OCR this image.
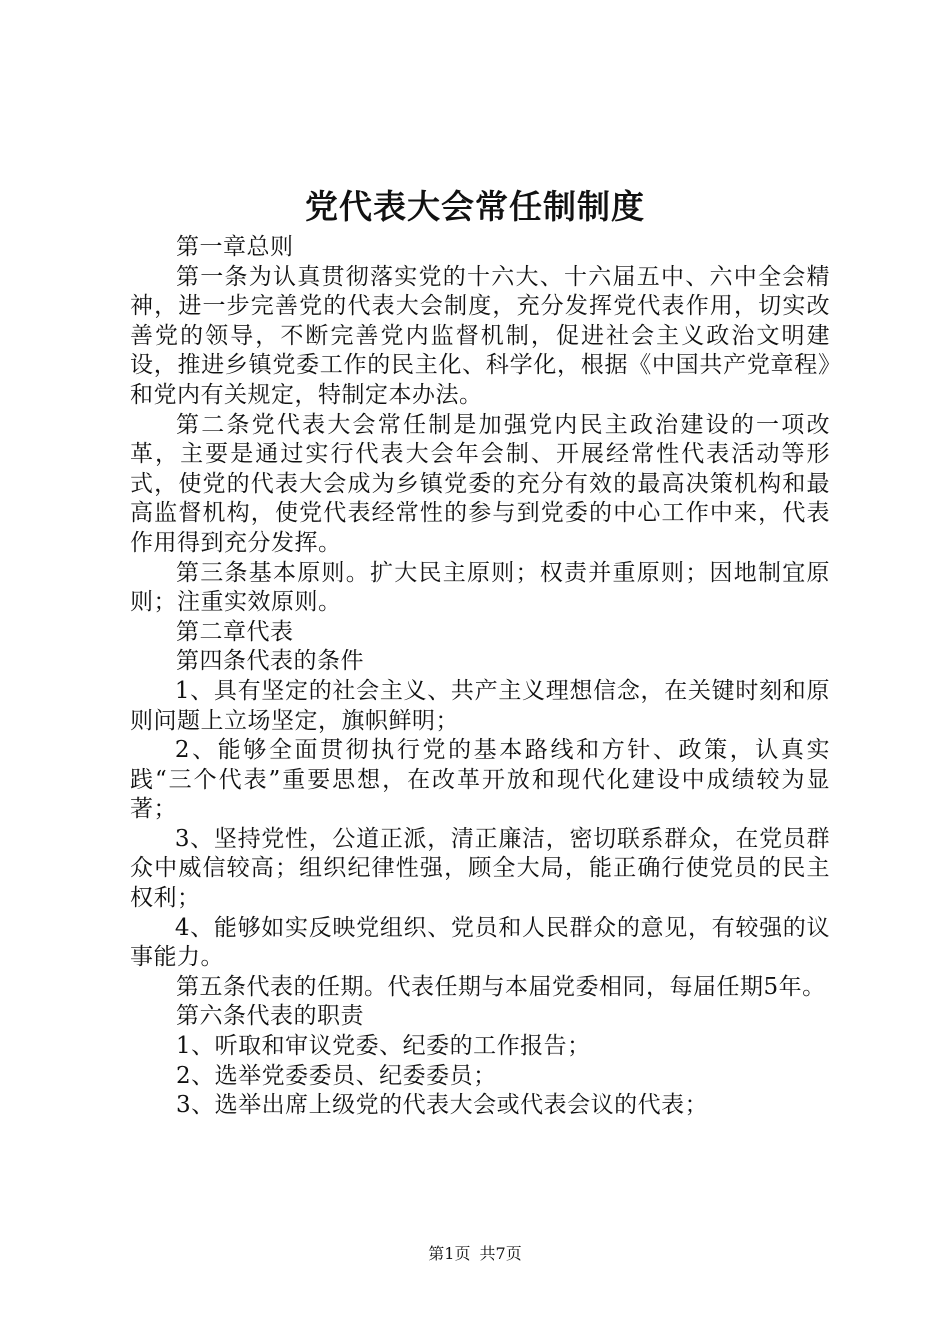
党代表大会常任制制度

第一章总则

第一条为认真贯彻落实党的十六大、十六届五中、六中全会精神，进一步完善党的代表大会制度，充分发挥党代表作用，切实改善党的领导，不断完善党内监督机制，促进社会主义政治文明建设，推进乡镇党委工作的民主化、科学化，根据《中国共产党章程》和党内有关规定，特制定本办法。

第二条党代表大会常任制是加强党内民主政治建设的一项改革，主要是通过实行代表大会年会制、开展经常性代表活动等形式，使党的代表大会成为乡镇党委的充分有效的最高决策机构和最高监督机构，使党代表经常性的参与到党委的中心工作中来，代表作用得到充分发挥。

第三条基本原则。扩大民主原则；权责并重原则；因地制宜原则；注重实效原则。

第二章代表

第四条代表的条件

1、具有坚定的社会主义、共产主义理想信念，在关键时刻和原则问题上立场坚定，旗帜鲜明；

2、能够全面贯彻执行党的基本路线和方针、政策，认真实践“三个代表”重要思想，在改革开放和现代化建设中成绩较为显著；

3、坚持党性，公道正派，清正廉洁，密切联系群众，在党员群众中威信较高；组织纪律性强，顾全大局，能正确行使党员的民主权利；

4、能够如实反映党组织、党员和人民群众的意见，有较强的议事能力。

第五条代表的任期。代表任期与本届党委相同，每届任期5年。

第六条代表的职责

1、听取和审议党委、纪委的工作报告；

2、选举党委委员、纪委委员；

3、选举出席上级党的代表大会或代表会议的代表；

第1页 共7页
